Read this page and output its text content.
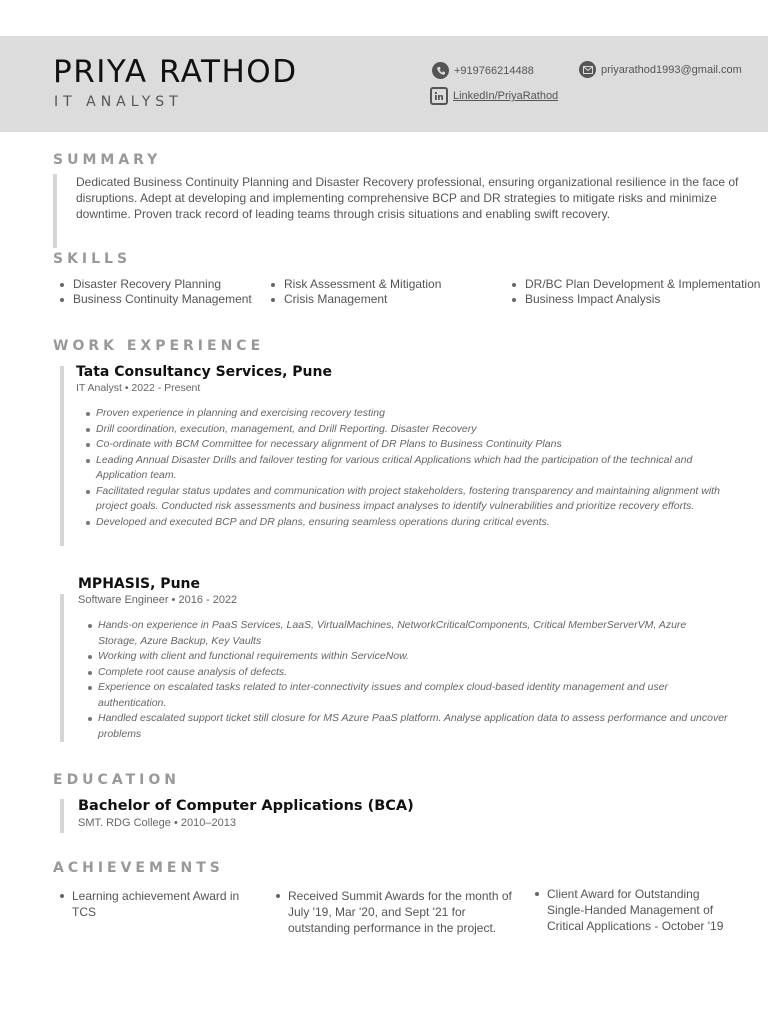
PRIYA RATHOD
IT ANALYST
+919766214488	priyarathod1993@gmail.com
LinkedIn/PriyaRathod
SUMMARY
Dedicated Business Continuity Planning and Disaster Recovery professional, ensuring organizational resilience in the face of disruptions. Adept at developing and implementing comprehensive BCP and DR strategies to mitigate risks and minimize downtime. Proven track record of leading teams through crisis situations and enabling swift recovery.
SKILLS
Disaster Recovery Planning
Business Continuity Management
Risk Assessment & Mitigation
Crisis Management
DR/BC Plan Development & Implementation
Business Impact Analysis
WORK EXPERIENCE
Tata Consultancy Services, Pune
IT Analyst • 2022 - Present
Proven experience in planning and exercising recovery testing
Drill coordination, execution, management, and Drill Reporting. Disaster Recovery
Co-ordinate with BCM Committee for necessary alignment of DR Plans to Business Continuity Plans
Leading Annual Disaster Drills and failover testing for various critical Applications which had the participation of the technical and Application team.
Facilitated regular status updates and communication with project stakeholders, fostering transparency and maintaining alignment with project goals. Conducted risk assessments and business impact analyses to identify vulnerabilities and prioritize recovery efforts.
Developed and executed BCP and DR plans, ensuring seamless operations during critical events.
MPHASIS, Pune
Software Engineer • 2016 - 2022
Hands-on experience in PaaS Services, LaaS, VirtualMachines, NetworkCriticalComponents, Critical MemberServerVM, Azure Storage, Azure Backup, Key Vaults
Working with client and functional requirements within ServiceNow.
Complete root cause analysis of defects.
Experience on escalated tasks related to inter-connectivity issues and complex cloud-based identity management and user authentication.
Handled escalated support ticket still closure for MS Azure PaaS platform. Analyse application data to assess performance and uncover problems
EDUCATION
Bachelor of Computer Applications (BCA)
SMT. RDG College • 2010–2013
ACHIEVEMENTS
Learning achievement Award in TCS
Received Summit Awards for the month of July '19, Mar '20, and Sept '21 for outstanding performance in the project.
Client Award for Outstanding Single-Handed Management of Critical Applications - October '19
